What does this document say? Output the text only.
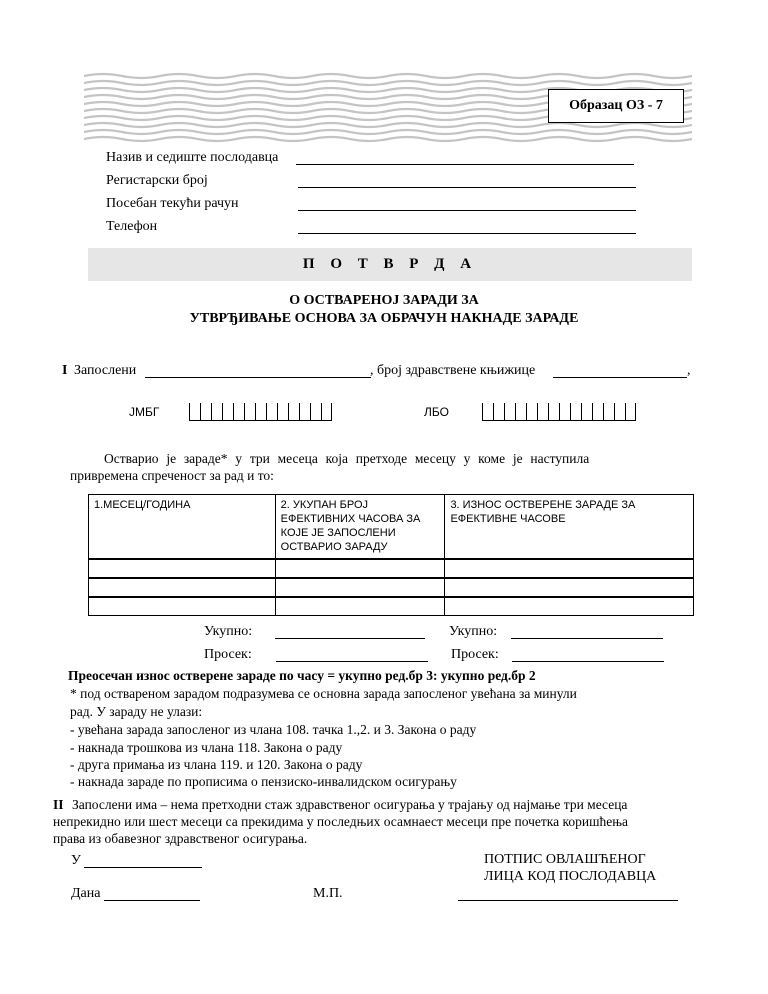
Образац ОЗ - 7
Назив и седиште послодавца
Регистарски број
Посебан текући рачун
Телефон
П О Т В Р Д А
О ОСТВАРЕНОЈ ЗАРАДИ ЗА
УТВРЂИВАЊЕ ОСНОВА ЗА ОБРАЧУН НАКНАДЕ ЗАРАДЕ
I Запослени	, број здравствене књижице	,
ЈМБГ	ЛБО
Остварио је зараде* у три месеца која претходе месецу у коме је наступила
привремена спреченост за рад и то:
1.МЕСЕЦ/ГОДИНА	2. УКУПАН БРОЈ ЕФЕКТИВНИХ ЧАСОВА ЗА КОЈЕ ЈЕ ЗАПОСЛЕНИ ОСТВАРИО ЗАРАДУ	3. ИЗНОС ОСТВЕРЕНЕ ЗАРАДЕ ЗА ЕФЕКТИВНЕ ЧАСОВЕ

Укупно:	Укупно:
Просек:	Просек:
Преосечан износ остверене зараде по часу = укупно ред.бр 3: укупно ред.бр 2
* под оствареном зарадом подразумева се основна зарада запосленог увећана за минули
рад. У зараду не улази:
- увећана зарада запосленог из члана 108. тачка 1.,2. и 3. Закона о раду
- накнада трошкова из члана 118. Закона о раду
- друга примања из члана 119. и 120. Закона о раду
- накнада зараде по прописима о пензиско-инвалидском осигурању
II Запослени има – нема претходни стаж здравственог осигурања у трајању од најмање три месеца
непрекидно или шест месеци са прекидима у последњих осамнаест месеци пре почетка коришћења
права из обавезног здравственог осигурања.
У
Дана	М.П.
ПОТПИС ОВЛАШЋЕНОГ
ЛИЦА КОД ПОСЛОДАВЦА
